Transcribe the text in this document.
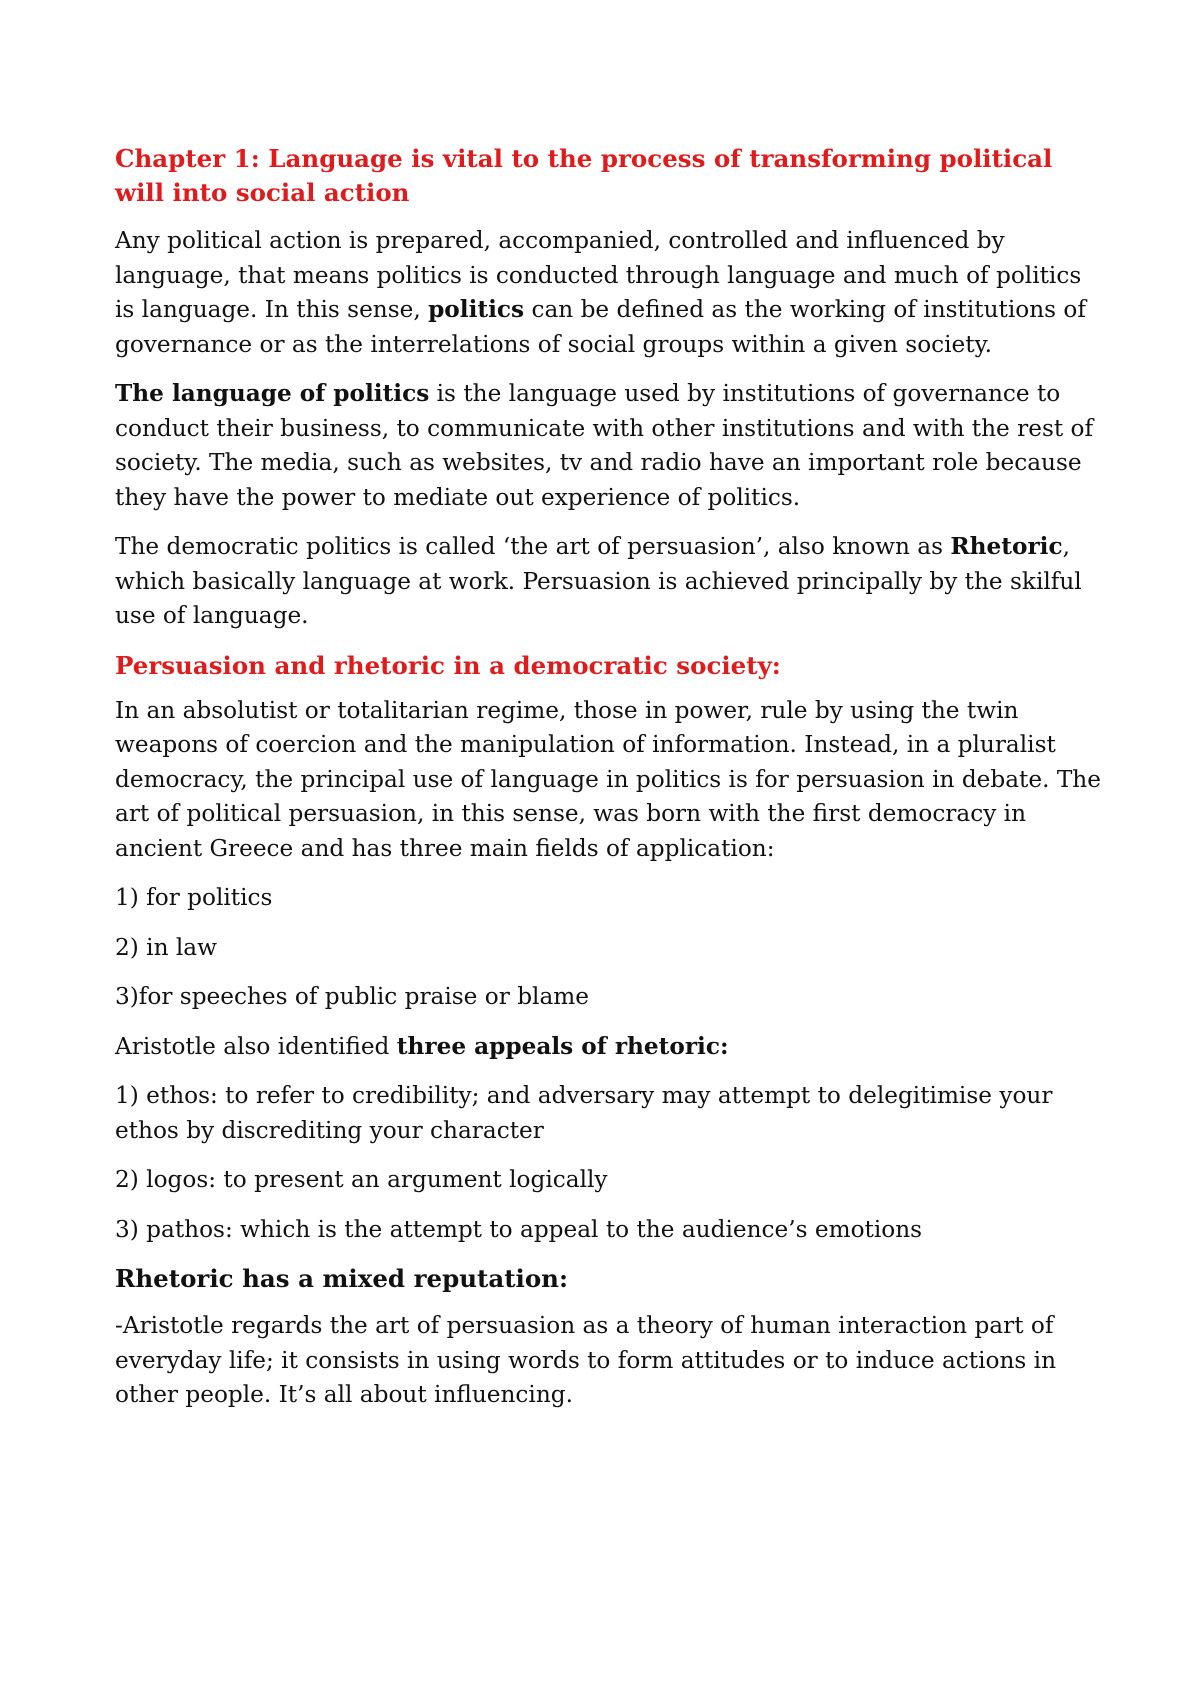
Chapter 1: Language is vital to the process of transforming political will into social action

Any political action is prepared, accompanied, controlled and influenced by language, that means politics is conducted through language and much of politics is language. In this sense, politics can be defined as the working of institutions of governance or as the interrelations of social groups within a given society.

The language of politics is the language used by institutions of governance to conduct their business, to communicate with other institutions and with the rest of society. The media, such as websites, tv and radio have an important role because they have the power to mediate out experience of politics.

The democratic politics is called ‘the art of persuasion’, also known as Rhetoric, which basically language at work. Persuasion is achieved principally by the skilful use of language.

Persuasion and rhetoric in a democratic society:

In an absolutist or totalitarian regime, those in power, rule by using the twin weapons of coercion and the manipulation of information. Instead, in a pluralist democracy, the principal use of language in politics is for persuasion in debate. The art of political persuasion, in this sense, was born with the first democracy in ancient Greece and has three main fields of application:

1) for politics

2) in law

3)for speeches of public praise or blame

Aristotle also identified three appeals of rhetoric:

1) ethos: to refer to credibility; and adversary may attempt to delegitimise your ethos by discrediting your character

2) logos: to present an argument logically

3) pathos: which is the attempt to appeal to the audience’s emotions

Rhetoric has a mixed reputation:

-Aristotle regards the art of persuasion as a theory of human interaction part of everyday life; it consists in using words to form attitudes or to induce actions in other people. It’s all about influencing.
